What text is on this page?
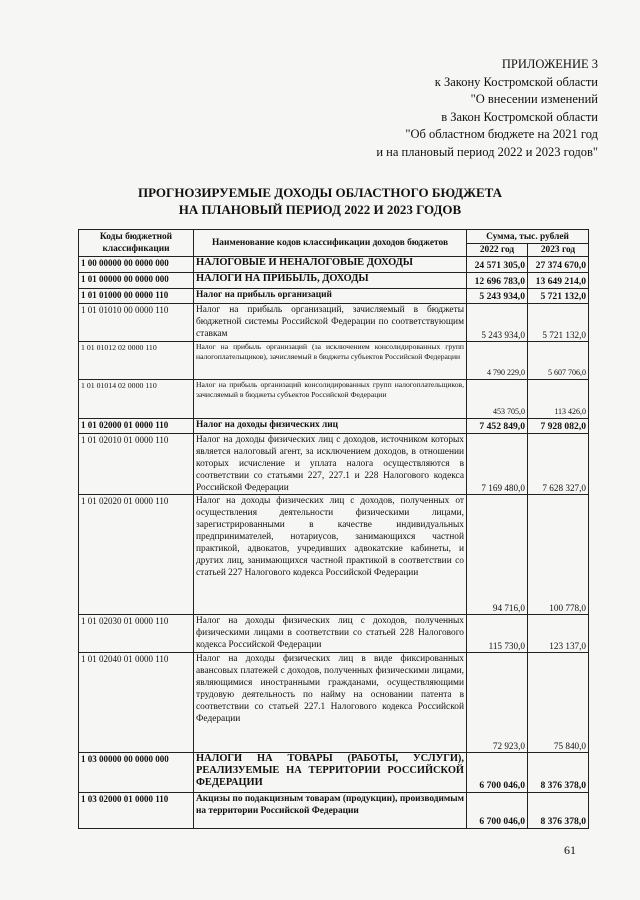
ПРИЛОЖЕНИЕ 3
к Закону Костромской области
"О внесении изменений
в Закон Костромской области
"Об областном бюджете на 2021 год
и на плановый период 2022 и 2023 годов"
ПРОГНОЗИРУЕМЫЕ ДОХОДЫ ОБЛАСТНОГО БЮДЖЕТА
НА ПЛАНОВЫЙ ПЕРИОД 2022 И 2023 ГОДОВ
Коды бюджетной классификации	Наименование кодов классификации доходов бюджетов	Сумма, тыс. рублей	
		2022 год	2023 год
1 00 00000 00 0000 000	НАЛОГОВЫЕ И НЕНАЛОГОВЫЕ ДОХОДЫ	24 571 305,0	27 374 670,0
1 01 00000 00 0000 000	НАЛОГИ НА ПРИБЫЛЬ, ДОХОДЫ	12 696 783,0	13 649 214,0
1 01 01000 00 0000 110	Налог на прибыль организаций	5 243 934,0	5 721 132,0
1 01 01010 00 0000 110	Налог на прибыль организаций, зачисляемый в бюджеты бюджетной системы Российской Федерации по соответствующим ставкам	5 243 934,0	5 721 132,0
1 01 01012 02 0000 110	Налог на прибыль организаций (за исключением консолидированных групп налогоплательщиков), зачисляемый в бюджеты субъектов Российской Федерации	4 790 229,0	5 607 706,0
1 01 01014 02 0000 110	Налог на прибыль организаций консолидированных групп налогоплательщиков, зачисляемый в бюджеты субъектов Российской Федерации	453 705,0	113 426,0
1 01 02000 01 0000 110	Налог на доходы физических лиц	7 452 849,0	7 928 082,0
1 01 02010 01 0000 110	Налог на доходы физических лиц с доходов, источником которых является налоговый агент, за исключением доходов, в отношении которых исчисление и уплата налога осуществляются в соответствии со статьями 227, 227.1 и 228 Налогового кодекса Российской Федерации	7 169 480,0	7 628 327,0
1 01 02020 01 0000 110	Налог на доходы физических лиц с доходов, полученных от осуществления деятельности физическими лицами, зарегистрированными в качестве индивидуальных предпринимателей, нотариусов, занимающихся частной практикой, адвокатов, учредивших адвокатские кабинеты, и других лиц, занимающихся частной практикой в соответствии со статьей 227 Налогового кодекса Российской Федерации	94 716,0	100 778,0
1 01 02030 01 0000 110	Налог на доходы физических лиц с доходов, полученных физическими лицами в соответствии со статьей 228 Налогового кодекса Российской Федерации	115 730,0	123 137,0
1 01 02040 01 0000 110	Налог на доходы физических лиц в виде фиксированных авансовых платежей с доходов, полученных физическими лицами, являющимися иностранными гражданами, осуществляющими трудовую деятельность по найму на основании патента в соответствии со статьей 227.1 Налогового кодекса Российской Федерации	72 923,0	75 840,0
1 03 00000 00 0000 000	НАЛОГИ НА ТОВАРЫ (РАБОТЫ, УСЛУГИ), РЕАЛИЗУЕМЫЕ НА ТЕРРИТОРИИ РОССИЙСКОЙ ФЕДЕРАЦИИ	6 700 046,0	8 376 378,0
1 03 02000 01 0000 110	Акцизы по подакцизным товарам (продукции), производимым на территории Российской Федерации	6 700 046,0	8 376 378,0
61
